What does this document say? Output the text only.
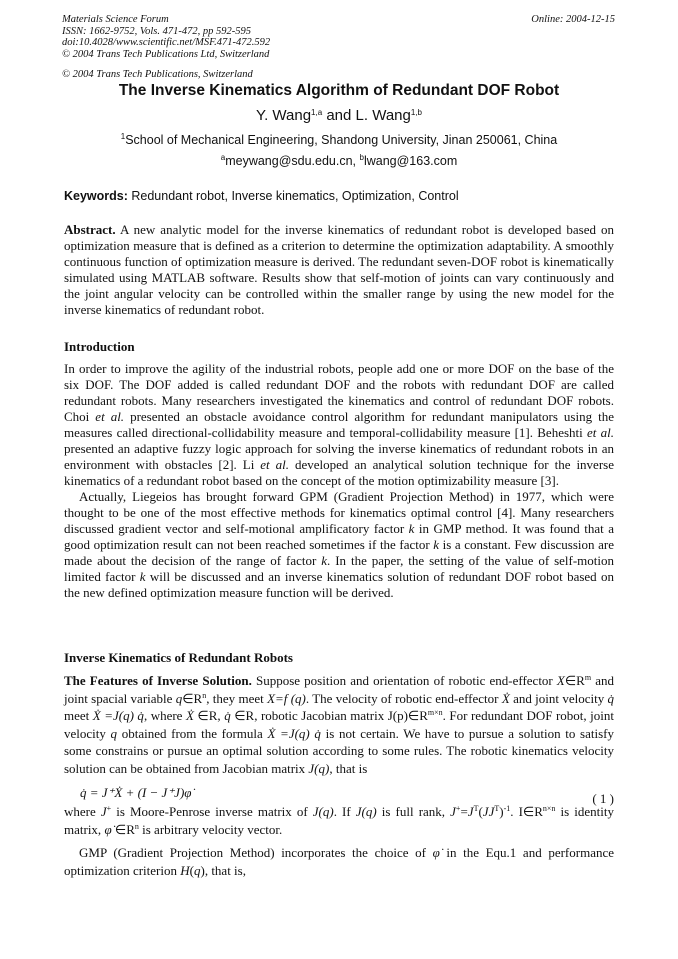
Materials Science Forum
ISSN: 1662-9752, Vols. 471-472, pp 592-595
doi:10.4028/www.scientific.net/MSF.471-472.592
© 2004 Trans Tech Publications Ltd, Switzerland
Online: 2004-12-15
© 2004 Trans Tech Publications, Switzerland
The Inverse Kinematics Algorithm of Redundant DOF Robot
Y. Wang$^{1,a}$ and L. Wang$^{1,b}$
$^1$School of Mechanical Engineering, Shandong University, Jinan 250061, China
$^a$meywang@sdu.edu.cn, $^b$lwang@163.com
Keywords: Redundant robot, Inverse kinematics, Optimization, Control

Abstract. A new analytic model for the inverse kinematics of redundant robot is developed based on optimization measure that is defined as a criterion to determine the optimization adaptability. A smoothly continuous function of optimization measure is derived. The redundant seven-DOF robot is kinematically simulated using MATLAB software. Results show that self-motion of joints can vary continuously and the joint angular velocity can be controlled within the smaller range by using the new model for the inverse kinematics of redundant robot.

Introduction

In order to improve the agility of the industrial robots, people add one or more DOF on the base of the six DOF. The DOF added is called redundant DOF and the robots with redundant DOF are called redundant robots. Many researchers investigated the kinematics and control of redundant DOF robots. Choi et al. presented an obstacle avoidance control algorithm for redundant manipulators using the measures called directional-collidability measure and temporal-collidability measure [1]. Beheshti et al. presented an adaptive fuzzy logic approach for solving the inverse kinematics of redundant robots in an environment with obstacles [2]. Li et al. developed an analytical solution technique for the inverse kinematics of a redundant robot based on the concept of the motion optimizability measure [3].

Actually, Liegeios has brought forward GPM (Gradient Projection Method) in 1977, which were thought to be one of the most effective methods for kinematics optimal control [4]. Many researchers discussed gradient vector and self-motional amplificatory factor k in GMP method. It was found that a good optimization result can not been reached sometimes if the factor k is a constant. Few discussion are made about the decision of the range of factor k. In the paper, the setting of the value of self-motion limited factor k will be discussed and an inverse kinematics solution of redundant DOF robot based on the new defined optimization measure function will be derived.

Inverse Kinematics of Redundant Robots

The Features of Inverse Solution. Suppose position and orientation of robotic end-effector $X\in R^m$ and joint spacial variable $q\in R^n$, they meet X=f (q). The velocity of robotic end-effector Ẋ and joint velocity q̇ meet Ẋ =J(q) q̇, where Ẋ ∈R, q̇ ∈R, robotic Jacobian matrix $J(p)\in R^{m\times n}$. For redundant DOF robot, joint velocity q obtained from the formula Ẋ =J(q) q̇ is not certain. We have to pursue a solution to satisfy some constrains or pursue an optimal solution according to some rules. The robotic kinematics velocity solution can be obtained from Jacobian matrix J(q), that is

q̇ = J⁺Ẋ + (I − J⁺J)φ̇	( 1 )

where J+ is Moore-Penrose inverse matrix of J(q). If J(q) is full rank, $J^+=J^T(JJ^T)^{-1}$. $I\in R^{n\times n}$ is identity matrix, φ̇ $\in R^n$ is arbitrary velocity vector.

GMP (Gradient Projection Method) incorporates the choice of φ̇ in the Equ.1 and performance optimization criterion H(q), that is,
